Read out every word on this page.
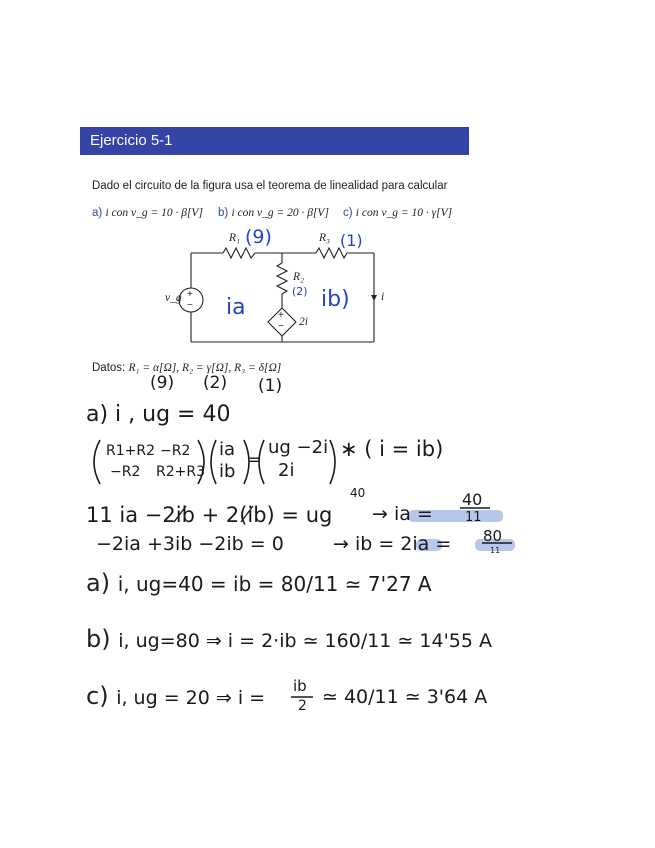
Ejercicio 5-1
Dado el circuito de la figura usa el teorema de linealidad para calcular
a) i con v_g = 10 · β[V] b) i con v_g = 20 · β[V] c) i con v_g = 10 · γ[V]
R₁	R₃
R₂
v_g +
−
+
− 2i
i
(9)	(1)
(2)
ia	ib)
Datos: R₁ = α[Ω], R₂ = γ[Ω], R₃ = δ[Ω]
(9) (2) (1)
a) i , ug = 40
R1+R2 −R2
−R2 R2+R3
ia
ib
=
ug −2i
2i
∗ ( i = ib)
11 ia −2ib + 2(ib) = ug
40
→ ia =
40
11
−2ia +3ib −2ib = 0	→ ib = 2ia = 80
11
a) i, ug=40 = ib = 80/11 ≃ 7'27 A
b) i, ug=80 ⇒ i = 2·ib ≃ 160/11 ≃ 14'55 A
c) i, ug = 20 ⇒ i =
ib
2 ≃ 40/11 ≃ 3'64 A
